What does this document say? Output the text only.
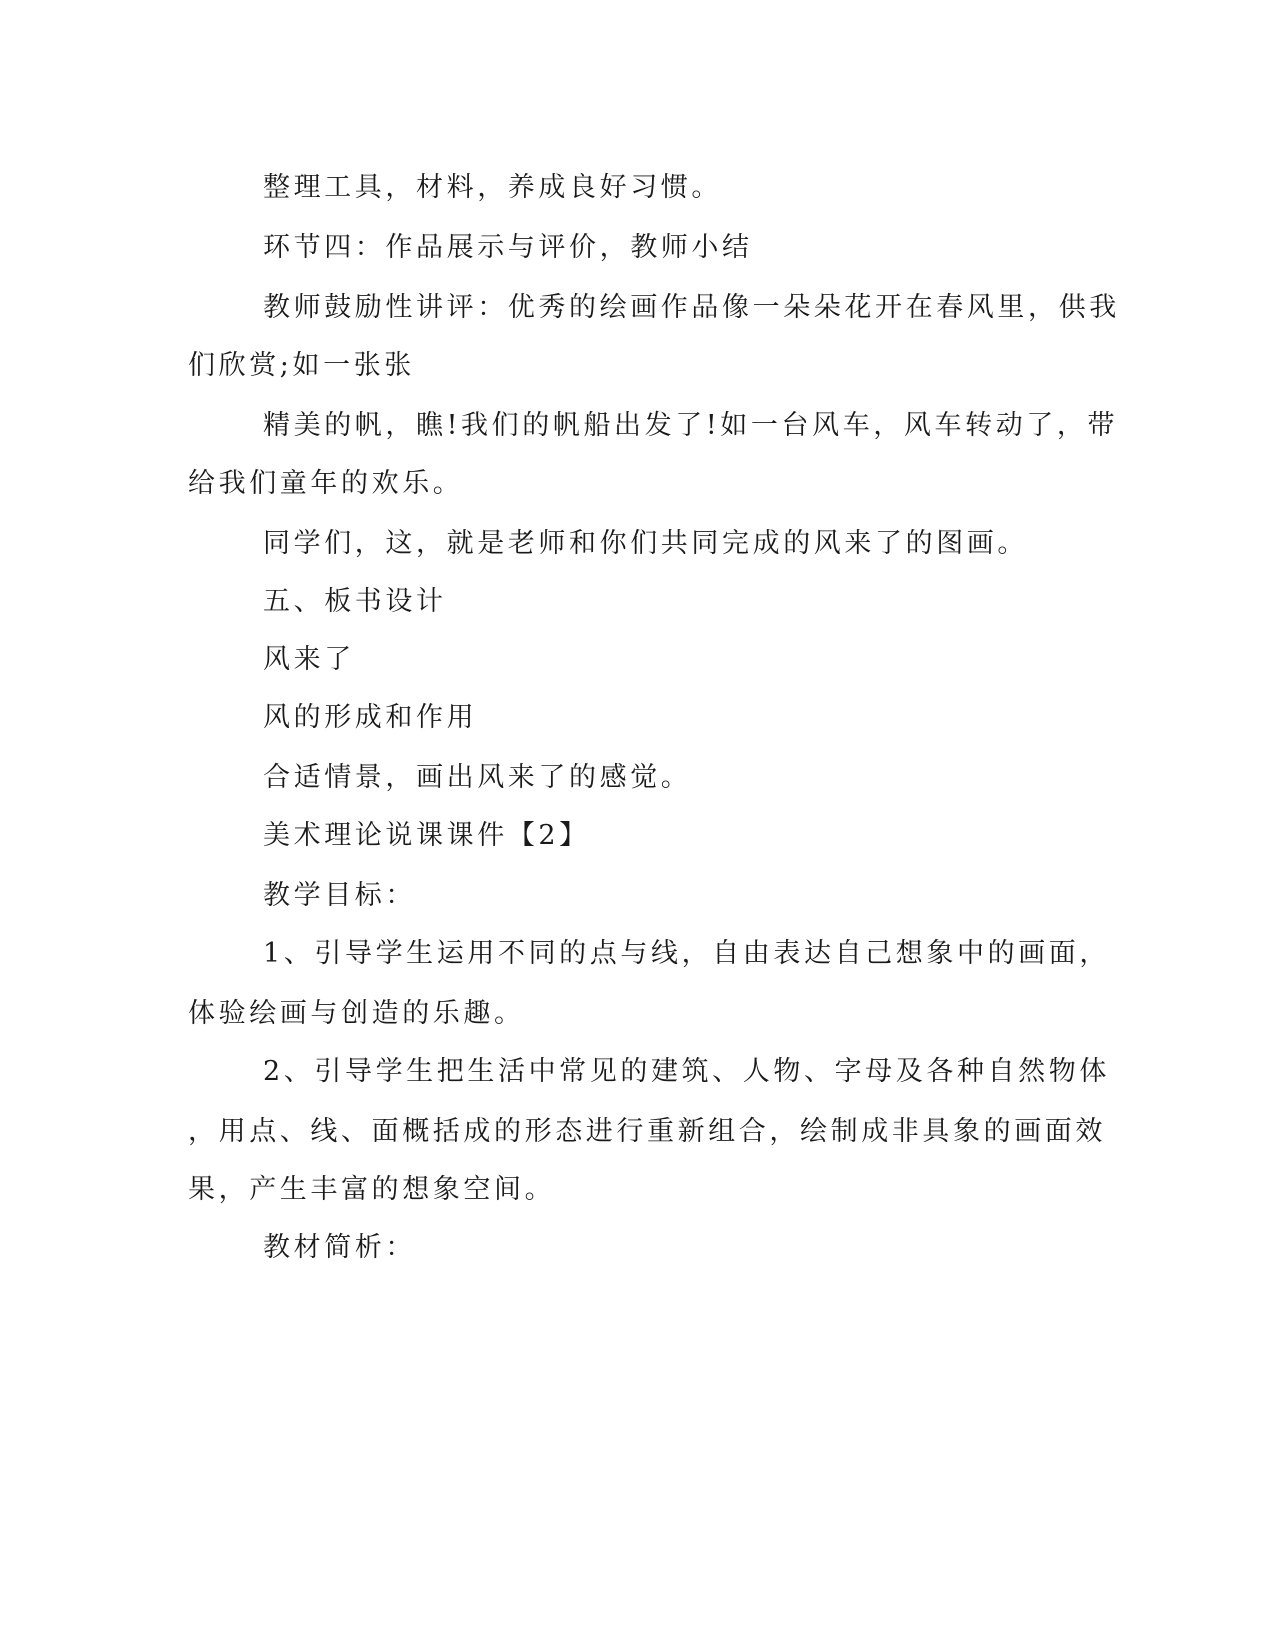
整理工具，材料，养成良好习惯。
环节四：作品展示与评价，教师小结
教师鼓励性讲评：优秀的绘画作品像一朵朵花开在春风里，供我
们欣赏;如一张张
精美的帆，瞧!我们的帆船出发了!如一台风车，风车转动了，带
给我们童年的欢乐。
同学们，这，就是老师和你们共同完成的风来了的图画。
五、板书设计
风来了
风的形成和作用
合适情景，画出风来了的感觉。
美术理论说课课件【2】
教学目标：
1、引导学生运用不同的点与线，自由表达自己想象中的画面，
体验绘画与创造的乐趣。
2、引导学生把生活中常见的建筑、人物、字母及各种自然物体
，用点、线、面概括成的形态进行重新组合，绘制成非具象的画面效
果，产生丰富的想象空间。
教材简析：
